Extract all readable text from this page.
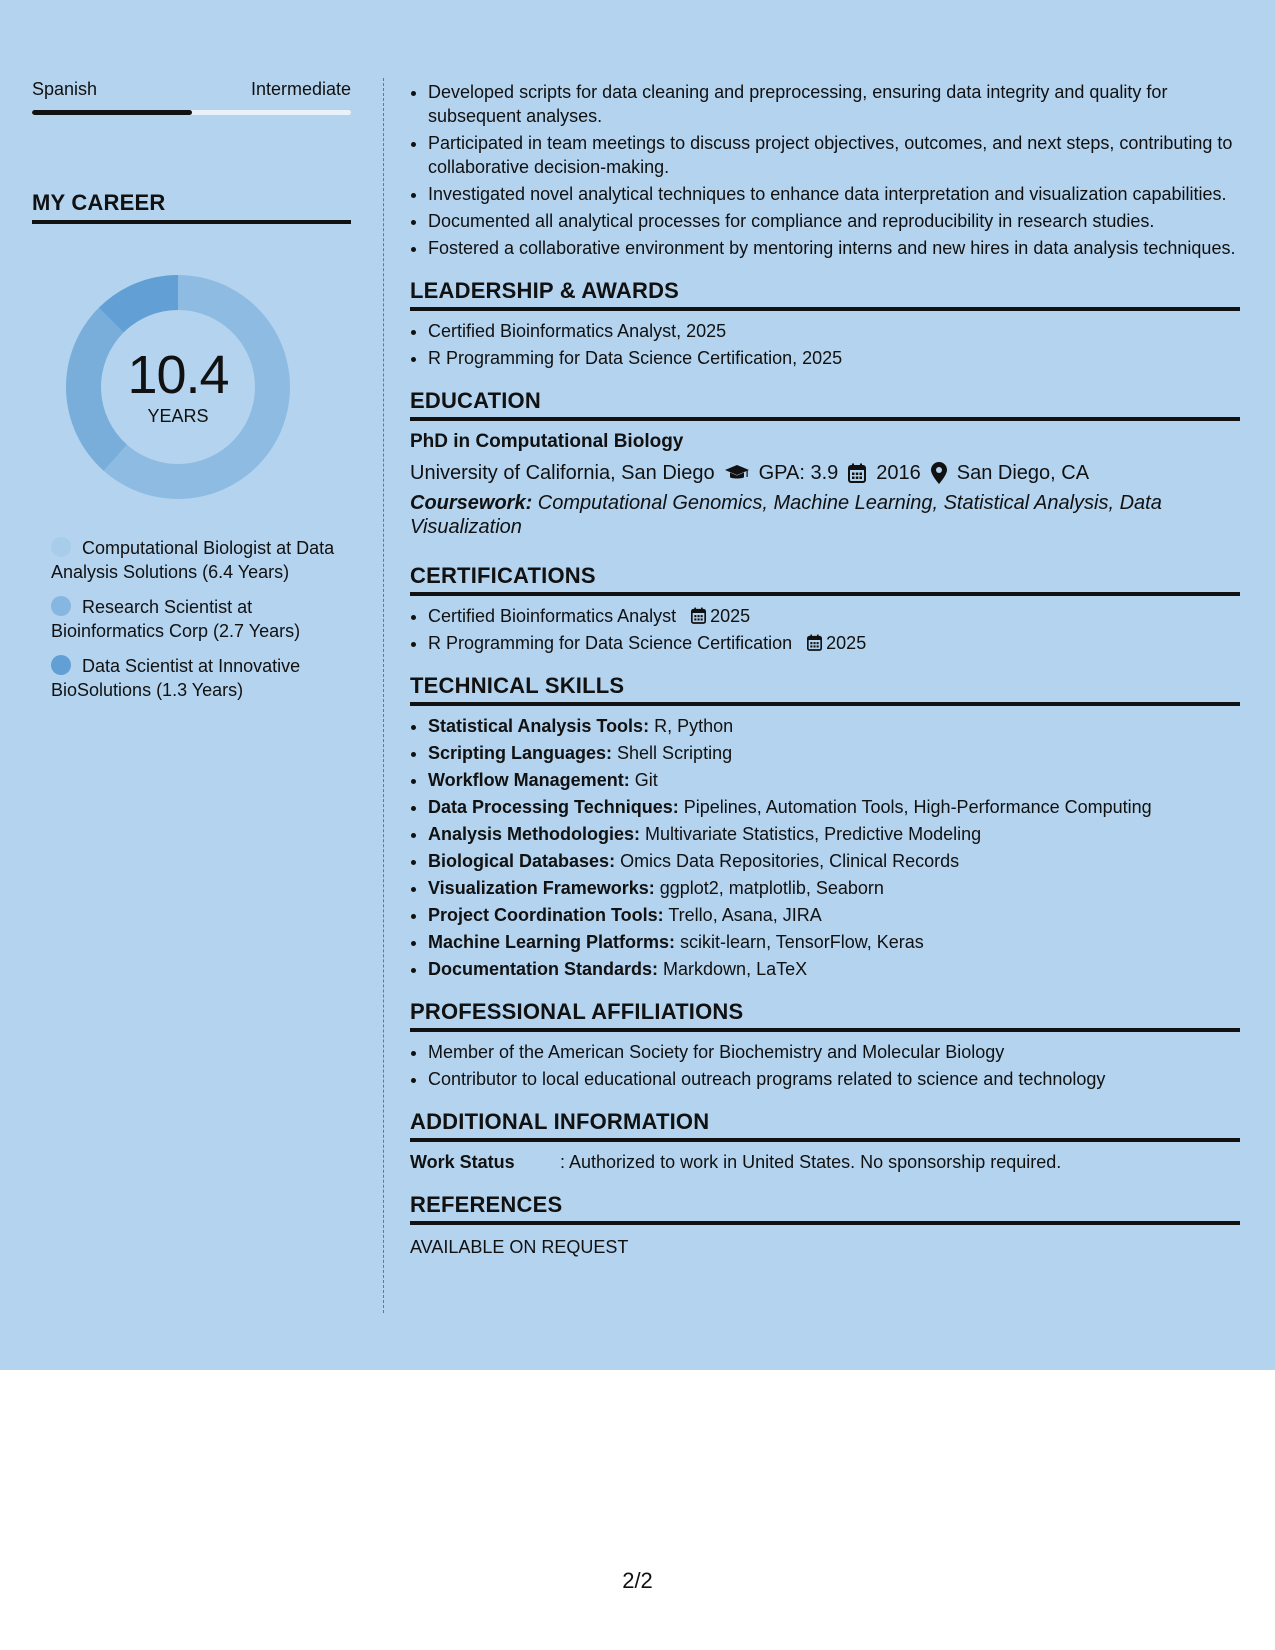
Spanish	Intermediate
MY CAREER
10.4
YEARS
Computational Biologist at Data Analysis Solutions (6.4 Years)
Research Scientist at Bioinformatics Corp (2.7 Years)
Data Scientist at Innovative BioSolutions (1.3 Years)
• Developed scripts for data cleaning and preprocessing, ensuring data integrity and quality for subsequent analyses.
• Participated in team meetings to discuss project objectives, outcomes, and next steps, contributing to collaborative decision-making.
• Investigated novel analytical techniques to enhance data interpretation and visualization capabilities.
• Documented all analytical processes for compliance and reproducibility in research studies.
• Fostered a collaborative environment by mentoring interns and new hires in data analysis techniques.
LEADERSHIP & AWARDS
• Certified Bioinformatics Analyst, 2025
• R Programming for Data Science Certification, 2025
EDUCATION
PhD in Computational Biology
University of California, San Diego GPA: 3.9 2016 San Diego, CA
Coursework: Computational Genomics, Machine Learning, Statistical Analysis, Data Visualization
CERTIFICATIONS
• Certified Bioinformatics Analyst 2025
• R Programming for Data Science Certification 2025
TECHNICAL SKILLS
• Statistical Analysis Tools: R, Python
• Scripting Languages: Shell Scripting
• Workflow Management: Git
• Data Processing Techniques: Pipelines, Automation Tools, High-Performance Computing
• Analysis Methodologies: Multivariate Statistics, Predictive Modeling
• Biological Databases: Omics Data Repositories, Clinical Records
• Visualization Frameworks: ggplot2, matplotlib, Seaborn
• Project Coordination Tools: Trello, Asana, JIRA
• Machine Learning Platforms: scikit-learn, TensorFlow, Keras
• Documentation Standards: Markdown, LaTeX
PROFESSIONAL AFFILIATIONS
• Member of the American Society for Biochemistry and Molecular Biology
• Contributor to local educational outreach programs related to science and technology
ADDITIONAL INFORMATION
Work Status	: Authorized to work in United States. No sponsorship required.
REFERENCES
AVAILABLE ON REQUEST
2/2
